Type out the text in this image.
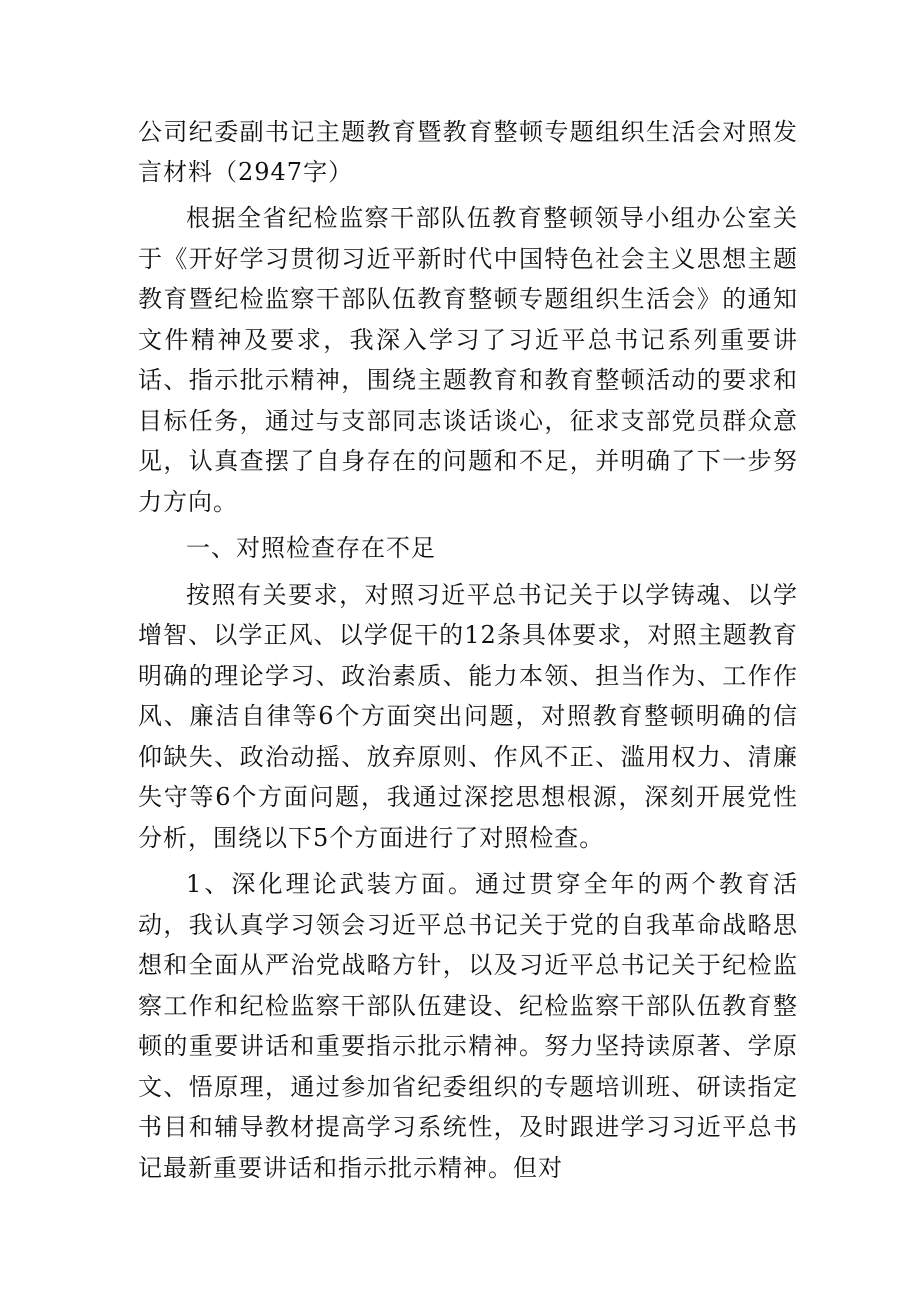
公司纪委副书记主题教育暨教育整顿专题组织生活会对照发言材料（2947字）

根据全省纪检监察干部队伍教育整顿领导小组办公室关于《开好学习贯彻习近平新时代中国特色社会主义思想主题教育暨纪检监察干部队伍教育整顿专题组织生活会》的通知文件精神及要求，我深入学习了习近平总书记系列重要讲话、指示批示精神，围绕主题教育和教育整顿活动的要求和目标任务，通过与支部同志谈话谈心，征求支部党员群众意见，认真查摆了自身存在的问题和不足，并明确了下一步努力方向。

一、对照检查存在不足

按照有关要求，对照习近平总书记关于以学铸魂、以学增智、以学正风、以学促干的12条具体要求，对照主题教育明确的理论学习、政治素质、能力本领、担当作为、工作作风、廉洁自律等6个方面突出问题，对照教育整顿明确的信仰缺失、政治动摇、放弃原则、作风不正、滥用权力、清廉失守等6个方面问题，我通过深挖思想根源，深刻开展党性分析，围绕以下5个方面进行了对照检查。

1、深化理论武装方面。通过贯穿全年的两个教育活动，我认真学习领会习近平总书记关于党的自我革命战略思想和全面从严治党战略方针，以及习近平总书记关于纪检监察工作和纪检监察干部队伍建设、纪检监察干部队伍教育整顿的重要讲话和重要指示批示精神。努力坚持读原著、学原文、悟原理，通过参加省纪委组织的专题培训班、研读指定书目和辅导教材提高学习系统性，及时跟进学习习近平总书记最新重要讲话和指示批示精神。但对
